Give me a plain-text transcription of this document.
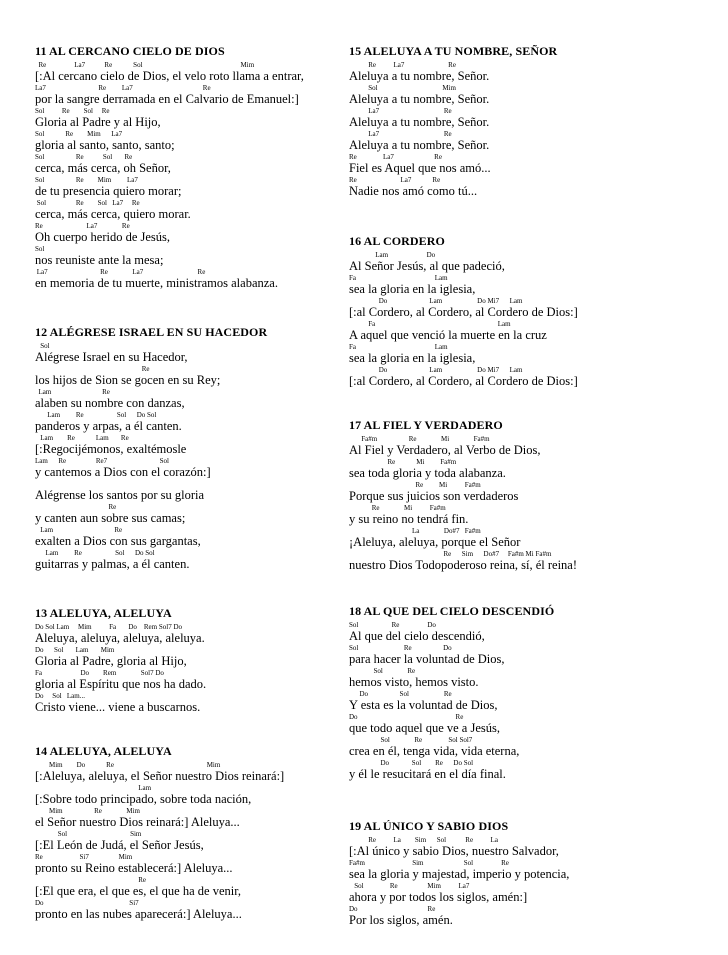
11 AL CERCANO CIELO DE DIOS
Re                La7           Re            Sol                                                        Mim
[:Al cercano cielo de Dios, el velo roto llama a entrar,
La7                              Re         La7                                        Re
por la sangre derramada en el Calvario de Emanuel:]
Sol          Re        Sol     Re
Gloria al Padre y al Hijo,
Sol            Re        Mim      La7
gloria al santo, santo, santo;
Sol                  Re           Sol       Re
cerca, más cerca, oh Señor,
Sol                  Re        Mim         La7
de tu presencia quiero morar;
Sol                 Re        Sol   La7     Re
cerca, más cerca, quiero morar.
Re                         La7              Re
Oh cuerpo herido de Jesús,
Sol
nos reuniste ante la mesa;
La7                              Re              La7                               Re
en memoria de tu muerte, ministramos alabanza.
12 ALÉGRESE ISRAEL EN SU HACEDOR
Sol
Alégrese Israel en su Hacedor,
Re
los hijos de Sion se gocen en su Rey;
Lam                             Re
alaben su nombre con danzas,
Lam         Re                   Sol      Do Sol
panderos y arpas, a él canten.
Lam        Re            Lam       Re
[:Regocijémonos, exaltémosle
Lam      Re                 Re7                              Sol
y cantemos a Dios con el corazón:]
Alégrense los santos por su gloria
Re
y canten aun sobre sus camas;
Lam                                   Re
exalten a Dios con sus gargantas,
Lam         Re                   Sol      Do Sol
guitarras y palmas, a él canten.
13 ALELUYA, ALELUYA
Do Sol Lam     Mim          Fa       Do    Rem Sol7 Do
Aleluya, aleluya, aleluya, aleluya.
Do      Sol       Lam       Mim
Gloria al Padre, gloria al Hijo,
Fa                      Do        Rem              Sol7 Do
gloria al Espíritu que nos ha dado.
Do     Sol   Lam...
Cristo viene... viene a buscarnos.
14 ALELUYA, ALELUYA
Mim        Do            Re                                                     Mim
[:Aleluya, aleluya, el Señor nuestro Dios reinará:]
Lam
[:Sobre todo principado, sobre toda nación,
Mim                  Re              Mim
el Señor nuestro Dios reinará:] Aleluya...
Sol                                    Sim
[:El León de Judá, el Señor Jesús,
Re                     Si7                 Mim
pronto su Reino establecerá:] Aleluya...
Re
[:El que era, el que es, el que ha de venir,
Do                                                 Si7
pronto en las nubes aparecerá:] Aleluya...
15 ALELUYA A TU NOMBRE, SEÑOR
Re          La7                         Re
Aleluya a tu nombre, Señor.
Sol                                     Mim
Aleluya a tu nombre, Señor.
La7                                     Re
Aleluya a tu nombre, Señor.
La7                                     Re
Aleluya a tu nombre, Señor.
Re               La7                       Re
Fiel es Aquel que nos amó...
Re                         La7            Re
Nadie nos amó como tú...
16 AL CORDERO
Lam                      Do
Al Señor Jesús, al que padeció,
Fa                                             Lam
sea la gloria en la iglesia,
Do                        Lam                    Do Mi7      Lam
[:al Cordero, al Cordero, al Cordero de Dios:]
Fa                                                                      Lam
A aquel que venció la muerte en la cruz
Fa                                             Lam
sea la gloria en la iglesia,
Do                        Lam                    Do Mi7      Lam
[:al Cordero, al Cordero, al Cordero de Dios:]
17 AL FIEL Y VERDADERO
Fa#m                  Re              Mi              Fa#m
Al Fiel y Verdadero, al Verbo de Dios,
Re            Mi         Fa#m
sea toda gloria y toda alabanza.
Re         Mi          Fa#m
Porque sus juicios son verdaderos
Re              Mi          Fa#m
y su reino no tendrá fin.
La              Do#7   Fa#m
¡Aleluya, aleluya, porque el Señor
Re      Sim      Do#7     Fa#m Mi Fa#m
nuestro Dios Todopoderoso reina, sí, él reina!
18 AL QUE DEL CIELO DESCENDIÓ
Sol                   Re                Do
Al que del cielo descendió,
Sol                          Re                  Do
para hacer la voluntad de Dios,
Sol              Re
hemos visto, hemos visto.
Do                  Sol                    Re
Y esta es la voluntad de Dios,
Do                                                        Re
que todo aquel que ve a Jesús,
Sol              Re               Sol Sol7
crea en él, tenga vida, vida eterna,
Do             Sol        Re      Do Sol
y él le resucitará en el día final.
19 AL ÚNICO Y SABIO DIOS
Re          La        Sim      Sol           Re          La
[:Al único y sabio Dios, nuestro Salvador,
Fa#m                           Sim                       Sol                Re
sea la gloria y majestad, imperio y potencia,
Sol               Re                 Mim          La7
ahora y por todos los siglos, amén:]
Do                                        Re
Por los siglos, amén.
